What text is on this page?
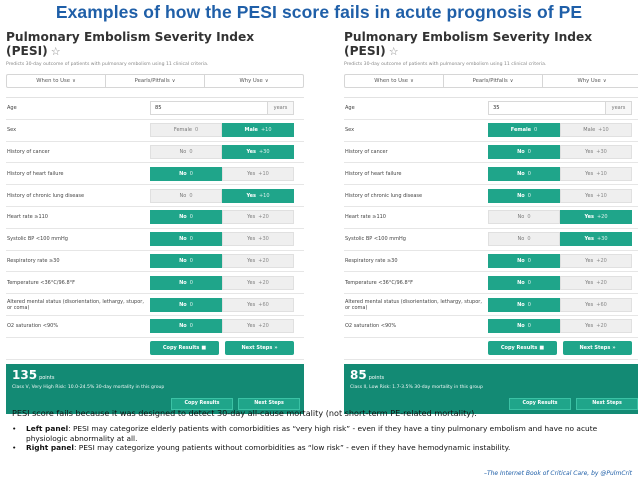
Examples of how the PESI score fails in acute prognosis of PE
Pulmonary Embolism Severity Index (PESI) ☆
Predicts 30-day outcome of patients with pulmonary embolism using 11 clinical criteria.
When to Use ∨	Pearls/Pitfalls ∨	Why Use ∨
Age	85	years
Sex	Female 0	Male +10
History of cancer	No 0	Yes +30
History of heart failure	No 0	Yes +10
History of chronic lung disease	No 0	Yes +10
Heart rate ≥110	No 0	Yes +20
Systolic BP <100 mmHg	No 0	Yes +30
Respiratory rate ≥30	No 0	Yes +20
Temperature <36°C/96.8°F	No 0	Yes +20
Altered mental status (disorientation, lethargy, stupor, or coma)	No 0	Yes +60
O2 saturation <90%	No 0	Yes +20
Copy Results ■	Next Steps »
135 points
Class V, Very High Risk: 10.0-24.5% 30-day mortality in this group
Copy Results	Next Steps
Pulmonary Embolism Severity Index (PESI) ☆
Predicts 30-day outcome of patients with pulmonary embolism using 11 clinical criteria.
When to Use ∨	Pearls/Pitfalls ∨	Why Use ∨
Age	35	years
Sex	Female 0	Male +10
History of cancer	No 0	Yes +30
History of heart failure	No 0	Yes +10
History of chronic lung disease	No 0	Yes +10
Heart rate ≥110	No 0	Yes +20
Systolic BP <100 mmHg	No 0	Yes +30
Respiratory rate ≥30	No 0	Yes +20
Temperature <36°C/96.8°F	No 0	Yes +20
Altered mental status (disorientation, lethargy, stupor, or coma)	No 0	Yes +60
O2 saturation <90%	No 0	Yes +20
Copy Results ■	Next Steps »
85 points
Class II, Low Risk: 1.7-3.5% 30-day mortality in this group
Copy Results	Next Steps
PESI score fails because it was designed to detect 30-day all-cause mortality (not short-term PE-related mortality).
•	Left panel: PESI may categorize elderly patients with comorbidities as “very high risk” - even if they have a tiny pulmonary embolism and have no acute physiologic abnormality at all.
•	Right panel: PESI may categorize young patients without comorbidities as “low risk” - even if they have hemodynamic instability.
–The Internet Book of Critical Care, by @PulmCrit
